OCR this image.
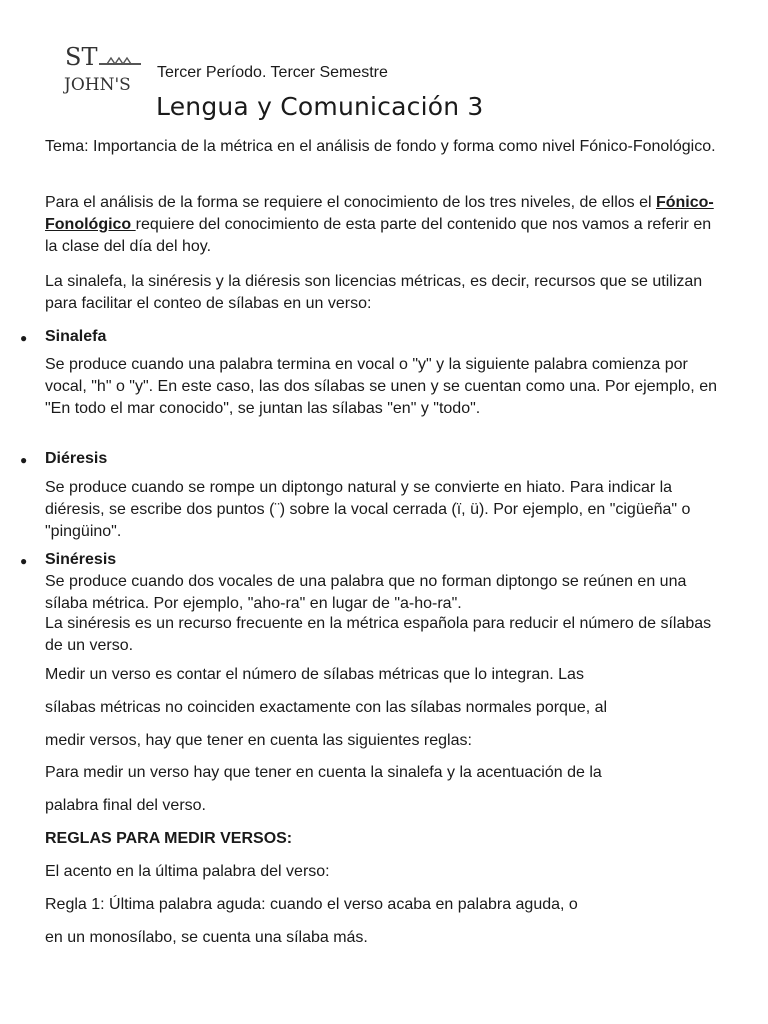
ST
JOHN'S
Tercer Período. Tercer Semestre
Lengua y Comunicación 3

Tema: Importancia de la métrica en el análisis de fondo y forma como nivel Fónico-Fonológico.

Para el análisis de la forma se requiere el conocimiento de los tres niveles, de ellos el Fónico-Fonológico requiere del conocimiento de esta parte del contenido que nos vamos a referir en la clase del día del hoy.

La sinalefa, la sinéresis y la diéresis son licencias métricas, es decir, recursos que se utilizan para facilitar el conteo de sílabas en un verso:

● Sinalefa

Se produce cuando una palabra termina en vocal o "y" y la siguiente palabra comienza por vocal, "h" o "y". En este caso, las dos sílabas se unen y se cuentan como una. Por ejemplo, en "En todo el mar conocido", se juntan las sílabas "en" y "todo".

● Diéresis

Se produce cuando se rompe un diptongo natural y se convierte en hiato. Para indicar la diéresis, se escribe dos puntos (¨) sobre la vocal cerrada (ï, ü). Por ejemplo, en "cigüeña" o "pingüino".

● Sinéresis

Se produce cuando dos vocales de una palabra que no forman diptongo se reúnen en una sílaba métrica. Por ejemplo, "aho-ra" en lugar de "a-ho-ra".

La sinéresis es un recurso frecuente en la métrica española para reducir el número de sílabas de un verso.

Medir un verso es contar el número de sílabas métricas que lo integran. Las

sílabas métricas no coinciden exactamente con las sílabas normales porque, al

medir versos, hay que tener en cuenta las siguientes reglas:

Para medir un verso hay que tener en cuenta la sinalefa y la acentuación de la

palabra final del verso.

REGLAS PARA MEDIR VERSOS:

El acento en la última palabra del verso:

Regla 1: Última palabra aguda: cuando el verso acaba en palabra aguda, o

en un monosílabo, se cuenta una sílaba más.
